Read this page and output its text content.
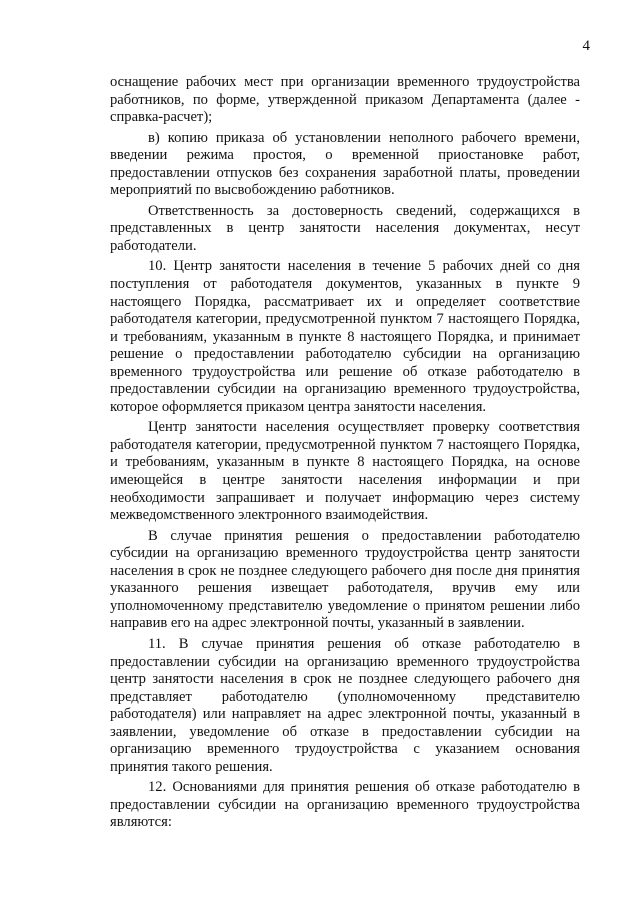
4

оснащение рабочих мест при организации временного трудоустройства работников, по форме, утвержденной приказом Департамента (далее - справка-расчет);

в) копию приказа об установлении неполного рабочего времени, введении режима простоя, о временной приостановке работ, предоставлении отпусков без сохранения заработной платы, проведении мероприятий по высвобождению работников.

Ответственность за достоверность сведений, содержащихся в представленных в центр занятости населения документах, несут работодатели.

10. Центр занятости населения в течение 5 рабочих дней со дня поступления от работодателя документов, указанных в пункте 9 настоящего Порядка, рассматривает их и определяет соответствие работодателя категории, предусмотренной пунктом 7 настоящего Порядка, и требованиям, указанным в пункте 8 настоящего Порядка, и принимает решение о предоставлении работодателю субсидии на организацию временного трудоустройства или решение об отказе работодателю в предоставлении субсидии на организацию временного трудоустройства, которое оформляется приказом центра занятости населения.

Центр занятости населения осуществляет проверку соответствия работодателя категории, предусмотренной пунктом 7 настоящего Порядка, и требованиям, указанным в пункте 8 настоящего Порядка, на основе имеющейся в центре занятости населения информации и при необходимости запрашивает и получает информацию через систему межведомственного электронного взаимодействия.

В случае принятия решения о предоставлении работодателю субсидии на организацию временного трудоустройства центр занятости населения в срок не позднее следующего рабочего дня после дня принятия указанного решения извещает работодателя, вручив ему или уполномоченному представителю уведомление о принятом решении либо направив его на адрес электронной почты, указанный в заявлении.

11. В случае принятия решения об отказе работодателю в предоставлении субсидии на организацию временного трудоустройства центр занятости населения в срок не позднее следующего рабочего дня представляет работодателю (уполномоченному представителю работодателя) или направляет на адрес электронной почты, указанный в заявлении, уведомление об отказе в предоставлении субсидии на организацию временного трудоустройства с указанием основания принятия такого решения.

12. Основаниями для принятия решения об отказе работодателю в предоставлении субсидии на организацию временного трудоустройства являются:
